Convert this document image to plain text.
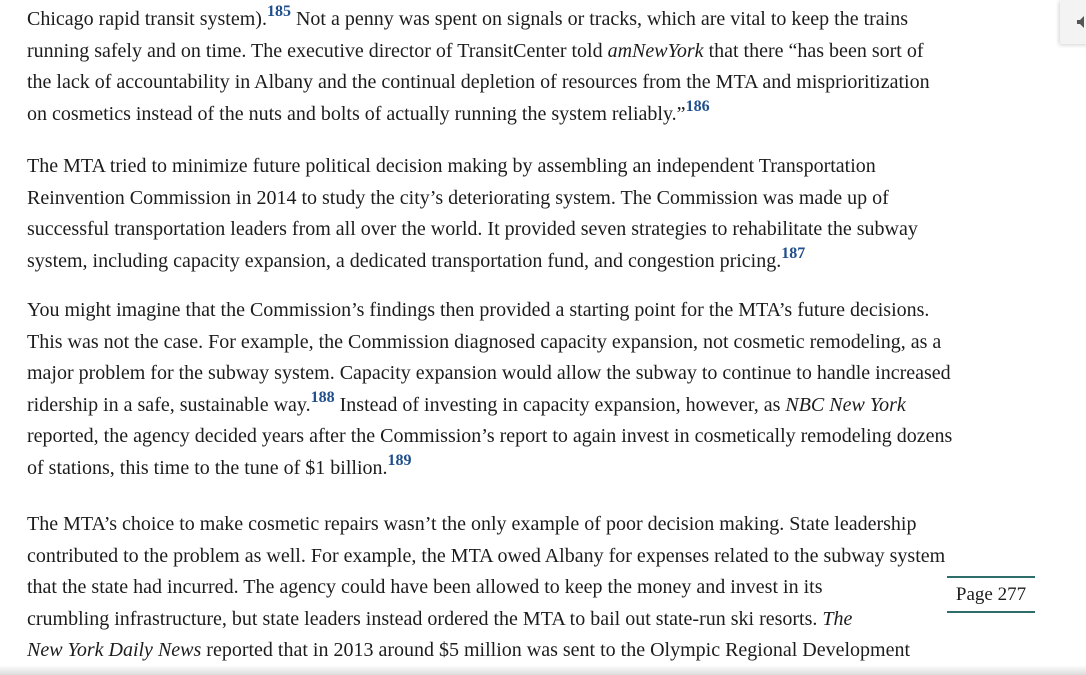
Chicago rapid transit system).$^{185}$ Not a penny was spent on signals or tracks, which are vital to keep the trains
running safely and on time. The executive director of TransitCenter told amNewYork that there “has been sort of
the lack of accountability in Albany and the continual depletion of resources from the MTA and misprioritization
on cosmetics instead of the nuts and bolts of actually running the system reliably.”$^{186}$
The MTA tried to minimize future political decision making by assembling an independent Transportation
Reinvention Commission in 2014 to study the city’s deteriorating system. The Commission was made up of
successful transportation leaders from all over the world. It provided seven strategies to rehabilitate the subway
system, including capacity expansion, a dedicated transportation fund, and congestion pricing.$^{187}$
You might imagine that the Commission’s findings then provided a starting point for the MTA’s future decisions.
This was not the case. For example, the Commission diagnosed capacity expansion, not cosmetic remodeling, as a
major problem for the subway system. Capacity expansion would allow the subway to continue to handle increased
ridership in a safe, sustainable way.$^{188}$ Instead of investing in capacity expansion, however, as NBC New York
reported, the agency decided years after the Commission’s report to again invest in cosmetically remodeling dozens
of stations, this time to the tune of $1 billion.$^{189}$
The MTA’s choice to make cosmetic repairs wasn’t the only example of poor decision making. State leadership
contributed to the problem as well. For example, the MTA owed Albany for expenses related to the subway system
that the state had incurred. The agency could have been allowed to keep the money and invest in its
crumbling infrastructure, but state leaders instead ordered the MTA to bail out state-run ski resorts. The
New York Daily News reported that in 2013 around $5 million was sent to the Olympic Regional Development
Page 277
